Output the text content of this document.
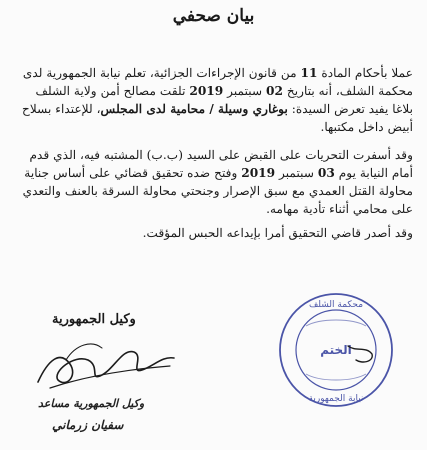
بيان صحفي

عملا بأحكام المادة 11 من قانون الإجراءات الجزائية، تعلم نيابة الجمهورية لدى محكمة الشلف، أنه بتاريخ 02 سبتمبر 2019 تلقت مصالح أمن ولاية الشلف بلاغا يفيد تعرض السيدة: بوغاري وسيلة / محامية لدى المجلس، للإعتداء بسلاح أبيض داخل مكتبها.

وقد أسفرت التحريات على القبض على السيد (ب.ب) المشتبه فيه، الذي قدم أمام النيابة يوم 03 سبتمبر 2019 وفتح ضده تحقيق قضائي على أساس جناية محاولة القتل العمدي مع سبق الإصرار وجنحتي محاولة السرقة بالعنف والتعدي على محامي أثناء تأدية مهامه.

وقد أصدر قاضي التحقيق أمرا بإيداعه الحبس المؤقت.

وكيل الجمهورية
وكيل الجمهورية مساعد
سفيان زرماني
محكمة الشلف
الختم
نيابة الجمهورية
